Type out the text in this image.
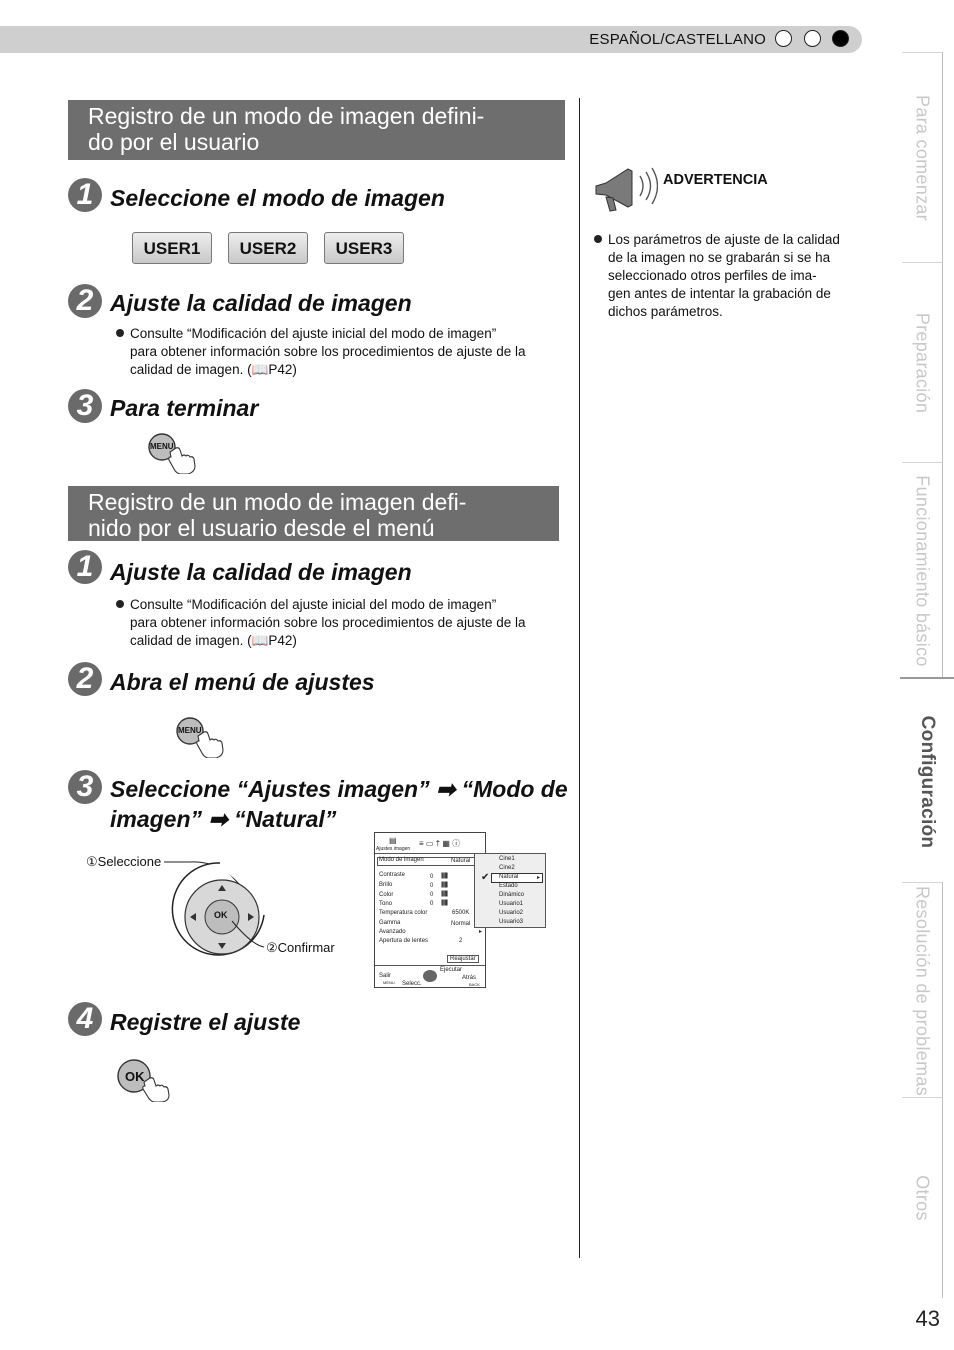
ESPAÑOL/CASTELLANO
Para comenzar
Preparación
Funcionamiento básico
Configuración
Resolución de problemas
Otros
43
Registro de un modo de imagen defini-
do por el usuario
1 Seleccione el modo de imagen
USER1	USER2	USER3
2 Ajuste la calidad de imagen
Consulte “Modificación del ajuste inicial del modo de imagen”
para obtener información sobre los procedimientos de ajuste de la
calidad de imagen. (📖P42)
3 Para terminar
MENU
Registro de un modo de imagen defi-
nido por el usuario desde el menú
1 Ajuste la calidad de imagen
Consulte “Modificación del ajuste inicial del modo de imagen”
para obtener información sobre los procedimientos de ajuste de la
calidad de imagen. (📖P42)
2 Abra el menú de ajustes
MENU
3 Seleccione “Ajustes imagen” ➡ “Modo de
imagen” ➡ “Natural”
①Seleccione
②Confirmar
OK
Ajustes imagen
▤	≡ ▭ † ▦ ⓘ
Modo de imagen	Natural
Contraste	0 |||||||||||
Brillo	0 |||||||||||
Color	0 |||||||||||
Tono	0 |||||||||||
Temperatura color	6500K
Gamma	Normal
Avanzado	▸
Apertura de lentes	2
Reajustar
Salir
MENU Selecc.
Ejecutar
Atrás
BACK
Cine1
Cine2
Natural
✔	▸
Estado
Dinámico
Usuario1
Usuario2
Usuario3
4 Registre el ajuste
OK
ADVERTENCIA
Los parámetros de ajuste de la calidad
de la imagen no se grabarán si se ha
seleccionado otros perfiles de ima-
gen antes de intentar la grabación de
dichos parámetros.
